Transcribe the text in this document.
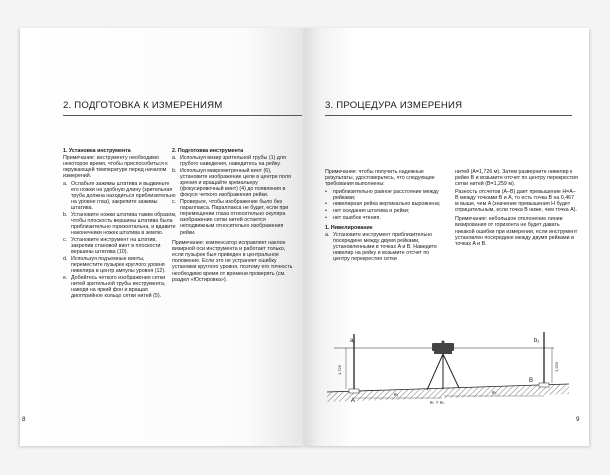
2. ПОДГОТОВКА К ИЗМЕРЕНИЯМ
1. Установка инструмента

Примечание: инструменту необходимо некоторое время, чтобы приспособиться к окружающей температуре перед началом измерений.

a. Ослабьте зажимы штатива и выдвиньте его ножки на удобную длину (зрительная труба должна находиться приблизительно на уровне глаз), закрепите зажимы штатива.
b. Установите ножки штатива таким образом, чтобы плоскость вершины штатива была приблизительно горизонтальна, и вдавите наконечники ножек штатива в землю.
c. Установите инструмент на штатив, закрепив становой винт в плоскости вершины штатива (10).
d. Используя подъемные винты, переместите пузырек круглого уровня нивелира в центр ампулы уровня (12).
e. Добейтесь четкого изображения сетки нитей зрительной трубы инструмента, наводя на яркий фон и вращая диоптрийное кольцо сетки нитей (5).
2. Подготовка инструмента
a. Используя визир зрительной трубы (1) для грубого наведения, наведитесь на рейку.
b. Используя микрометренный винт (6), установите изображение цели в центре поля зрения и вращайте кремальеру (фокусировочный винт) (4) до появления в фокусе четкого изображения рейки.
c. Проверьте, чтобы изображение было без параллакса. Параллакса не будет, если при перемещении глаза относительно окуляра изображение сетки нитей остается неподвижным относительно изображения рейки.

Примечание: компенсатор исправляет наклон визирной оси инструмента и работает только, если пузырек был приведен в центральное положение. Если это не устраняет ошибку установки круглого уровня, поэтому его точность необходимо время от времени проверять (см. раздел «Юстировка»).

8
3. ПРОЦЕДУРА ИЗМЕРЕНИЯ

Примечание: чтобы получить надежные результаты, удостоверьтесь, что следующие требования выполнены:

• приблизительно равное расстояние между рейками;
• нивелирная рейка вертикально выровнена;
• нет оседания штатива и рейки;
• нет ошибок чтения.
1. Нивелирование
a. Установите инструмент приблизительно посередине между двумя рейками, установленными в точках A и B. Наведите нивелир на рейку и возьмите отсчет по центру перекрестия сетки

нитей (A=1,726 м). Затем разверните нивелир к рейке B и возьмите отсчет по центру перекрестия сетки нитей (B=1,259 м).

Разность отсчетов (A–B) дает превышение H=A–B между точками B и A, то есть точка B на 0,467 м выше, чем A (значение превышения H будет отрицательным, если точка B ниже, чем точка A).

Примечание: небольшое отклонение линии визирования от горизонта не будет давать никакой ошибки при измерении, если инструмент установлен посередине между двумя рейками в точках A и B.

a₁	b₁
1,726	1,259
A
B
e₁	e₂
e₁ ≈ e₂
9
